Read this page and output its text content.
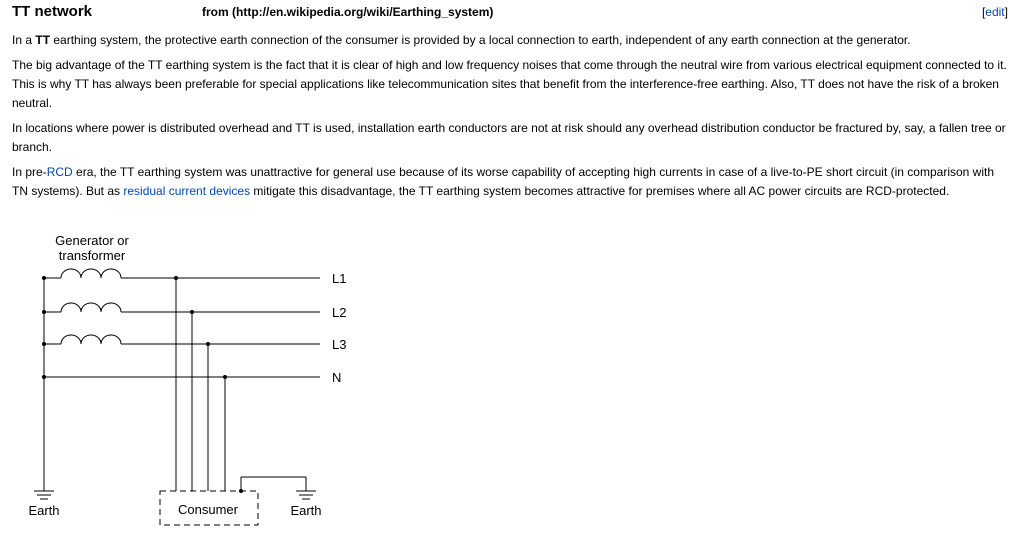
TT network	from (http://en.wikipedia.org/wiki/Earthing_system)	[edit]

In a TT earthing system, the protective earth connection of the consumer is provided by a local connection to earth, independent of any earth connection at the generator.

The big advantage of the TT earthing system is the fact that it is clear of high and low frequency noises that come through the neutral wire from various electrical equipment connected to it. This is why TT has always been preferable for special applications like telecommunication sites that benefit from the interference-free earthing. Also, TT does not have the risk of a broken neutral.

In locations where power is distributed overhead and TT is used, installation earth conductors are not at risk should any overhead distribution conductor be fractured by, say, a fallen tree or branch.

In pre-RCD era, the TT earthing system was unattractive for general use because of its worse capability of accepting high currents in case of a live-to-PE short circuit (in comparison with TN systems). But as residual current devices mitigate this disadvantage, the TT earthing system becomes attractive for premises where all AC power circuits are RCD-protected.

Generator or
transformer
L1
L2
L3
N
Earth	Consumer	Earth
